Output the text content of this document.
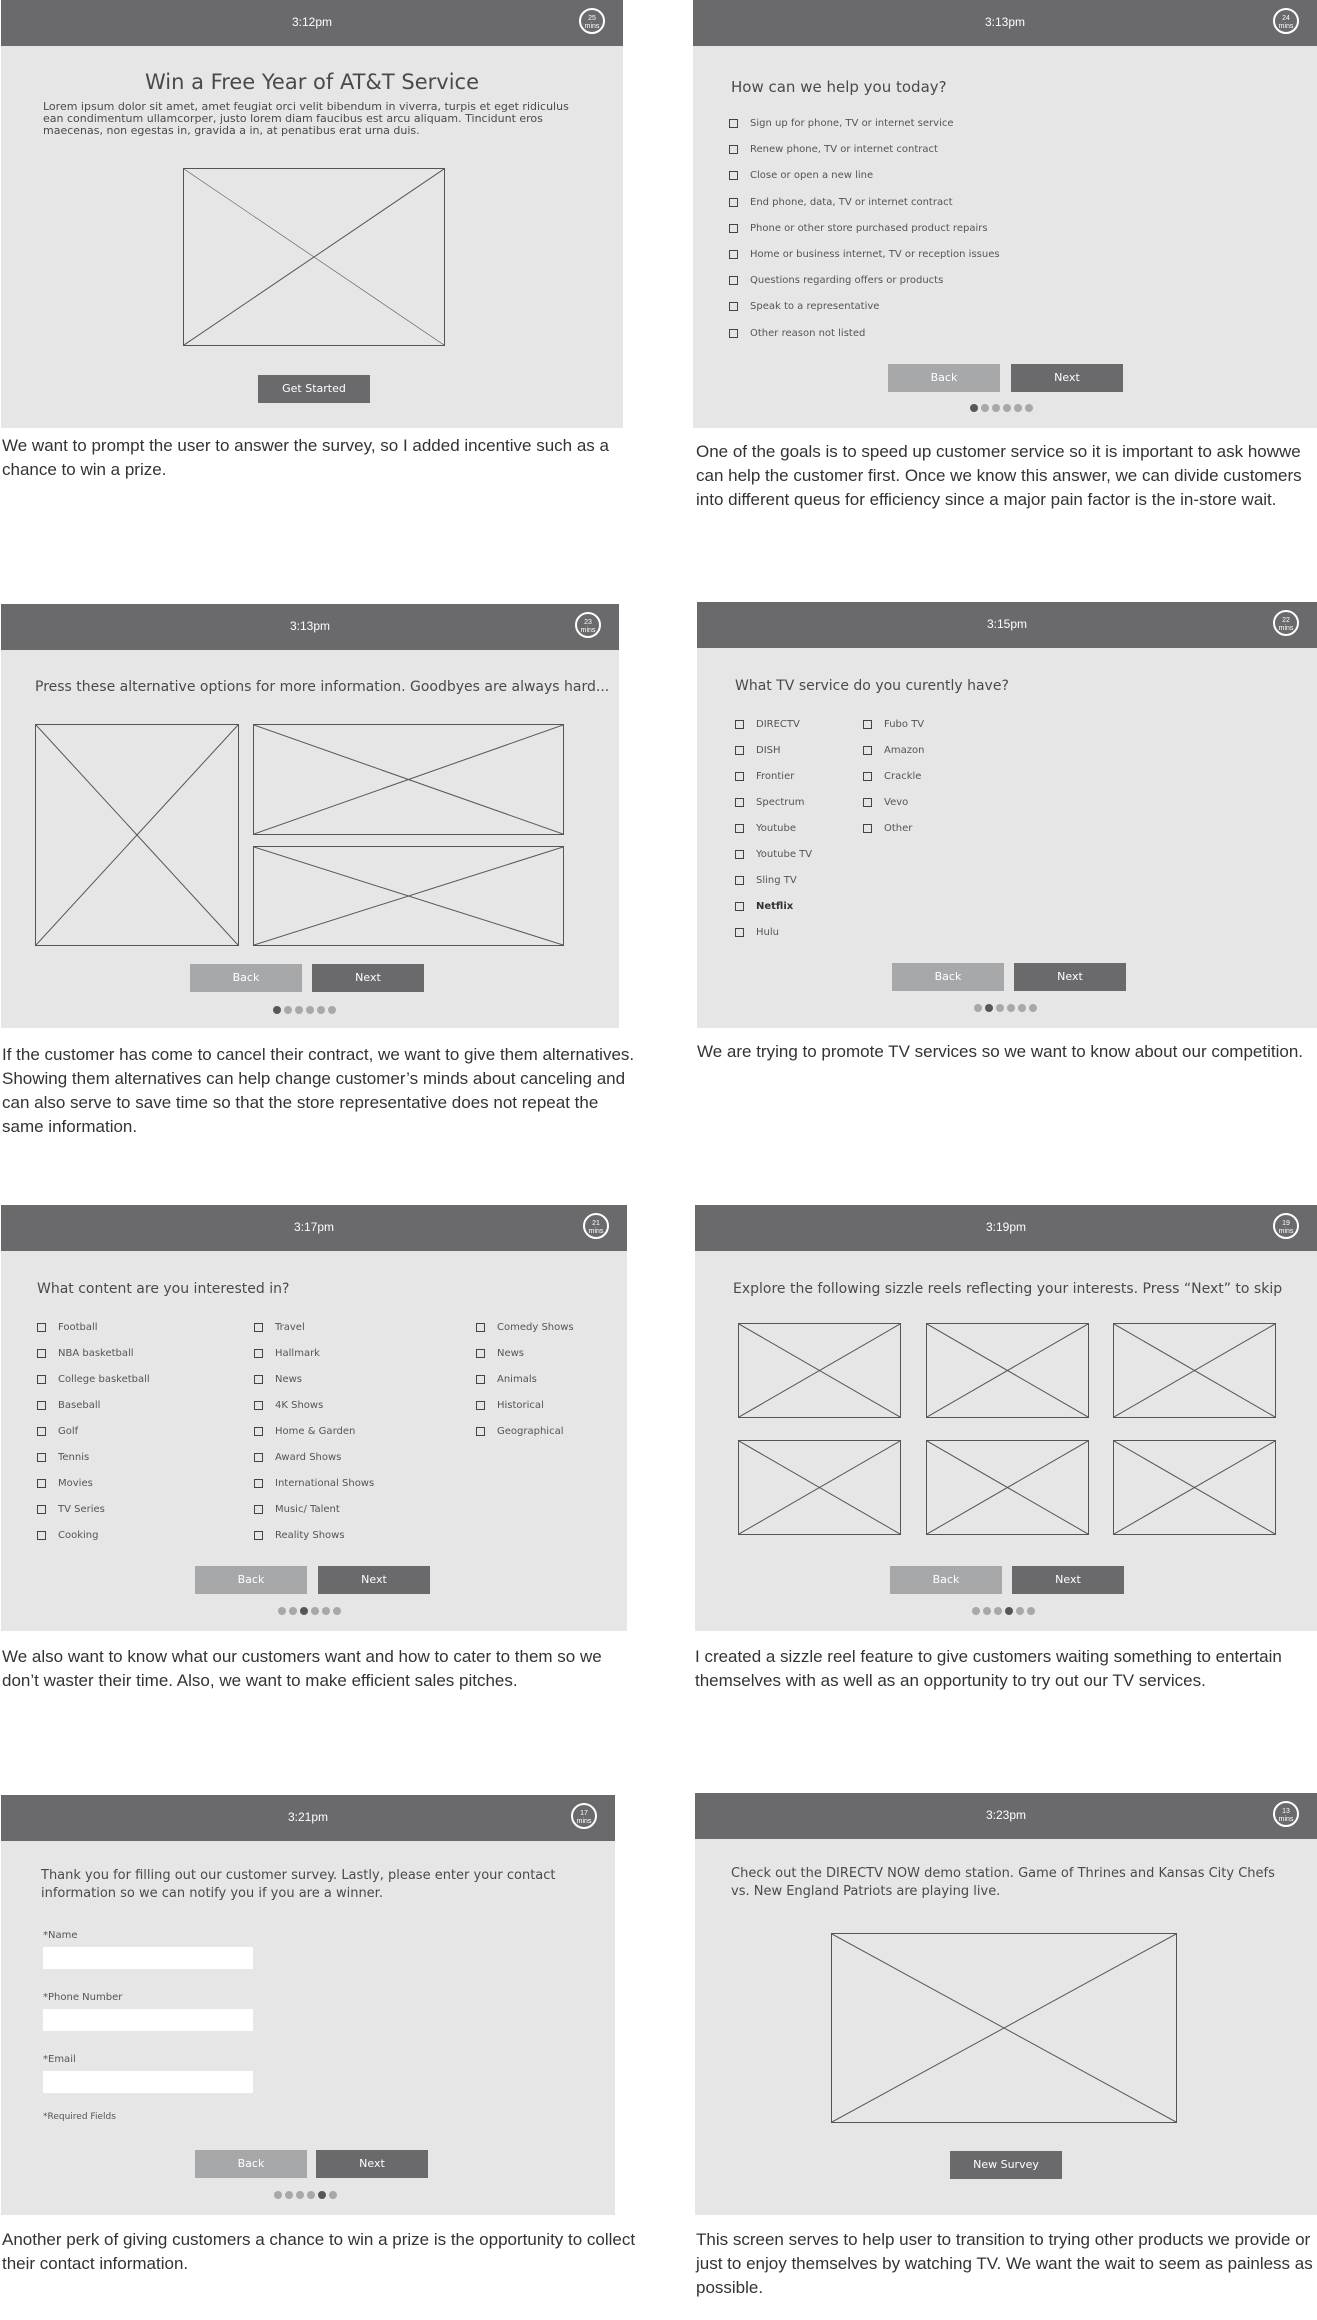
3:12pm	25
mins
Win a Free Year of AT&T Service
Lorem ipsum dolor sit amet, amet feugiat orci velit bibendum in viverra, turpis et eget ridiculus ean condimentum ullamcorper, justo lorem diam faucibus est arcu aliquam. Tincidunt eros maecenas, non egestas in, gravida a in, at penatibus erat urna duis.
Get Started
We want to prompt the user to answer the survey, so I added incentive such as a chance to win a prize.
3:13pm	24
mins
How can we help you today?
Sign up for phone, TV or internet service
Renew phone, TV or internet contract
Close or open a new line
End phone, data, TV or internet contract
Phone or other store purchased product repairs
Home or business internet, TV or reception issues
Questions regarding offers or products
Speak to a representative
Other reason not listed
Back	Next
One of the goals is to speed up customer service so it is important to ask howwe can help the customer first. Once we know this answer, we can divide customers into different queus for efficiency since a major pain factor is the in-store wait.
3:13pm	23
mins
Press these alternative options for more information. Goodbyes are always hard...
Back	Next
If the customer has come to cancel their contract, we want to give them alternatives. Showing them alternatives can help change customer’s minds about canceling and can also serve to save time so that the store representative does not repeat the same information.
3:15pm	22
mins
What TV service do you curently have?
DIRECTV
DISH
Frontier
Spectrum
Youtube
Youtube TV
Sling TV
Netflix
Hulu
Fubo TV
Amazon
Crackle
Vevo
Other
Back	Next
We are trying to promote TV services so we want to know about our competition.
3:17pm	21
mins
What content are you interested in?
Football
NBA basketball
College basketball
Baseball
Golf
Tennis
Movies
TV Series
Cooking
Travel
Hallmark
News
4K Shows
Home & Garden
Award Shows
International Shows
Music/ Talent
Reality Shows
Comedy Shows
News
Animals
Historical
Geographical
Back	Next
We also want to know what our customers want and how to cater to them so we don’t waster their time. Also, we want to make efficient sales pitches.
3:19pm	19
mins
Explore the following sizzle reels reflecting your interests. Press “Next” to skip
Back	Next
I created a sizzle reel feature to give customers waiting something to entertain themselves with as well as an opportunity to try out our TV services.
3:21pm	17
mins
Thank you for filling out our customer survey. Lastly, please enter your contact
information so we can notify you if you are a winner.
*Name
*Phone Number
*Email
*Required Fields
Back	Next
Another perk of giving customers a chance to win a prize is the opportunity to collect their contact information.
3:23pm	13
mins
Check out the DIRECTV NOW demo station. Game of Thrines and Kansas City Chefs vs. New England Patriots are playing live.
New Survey
This screen serves to help user to transition to trying other products we provide or just to enjoy themselves by watching TV. We want the wait to seem as painless as possible.
